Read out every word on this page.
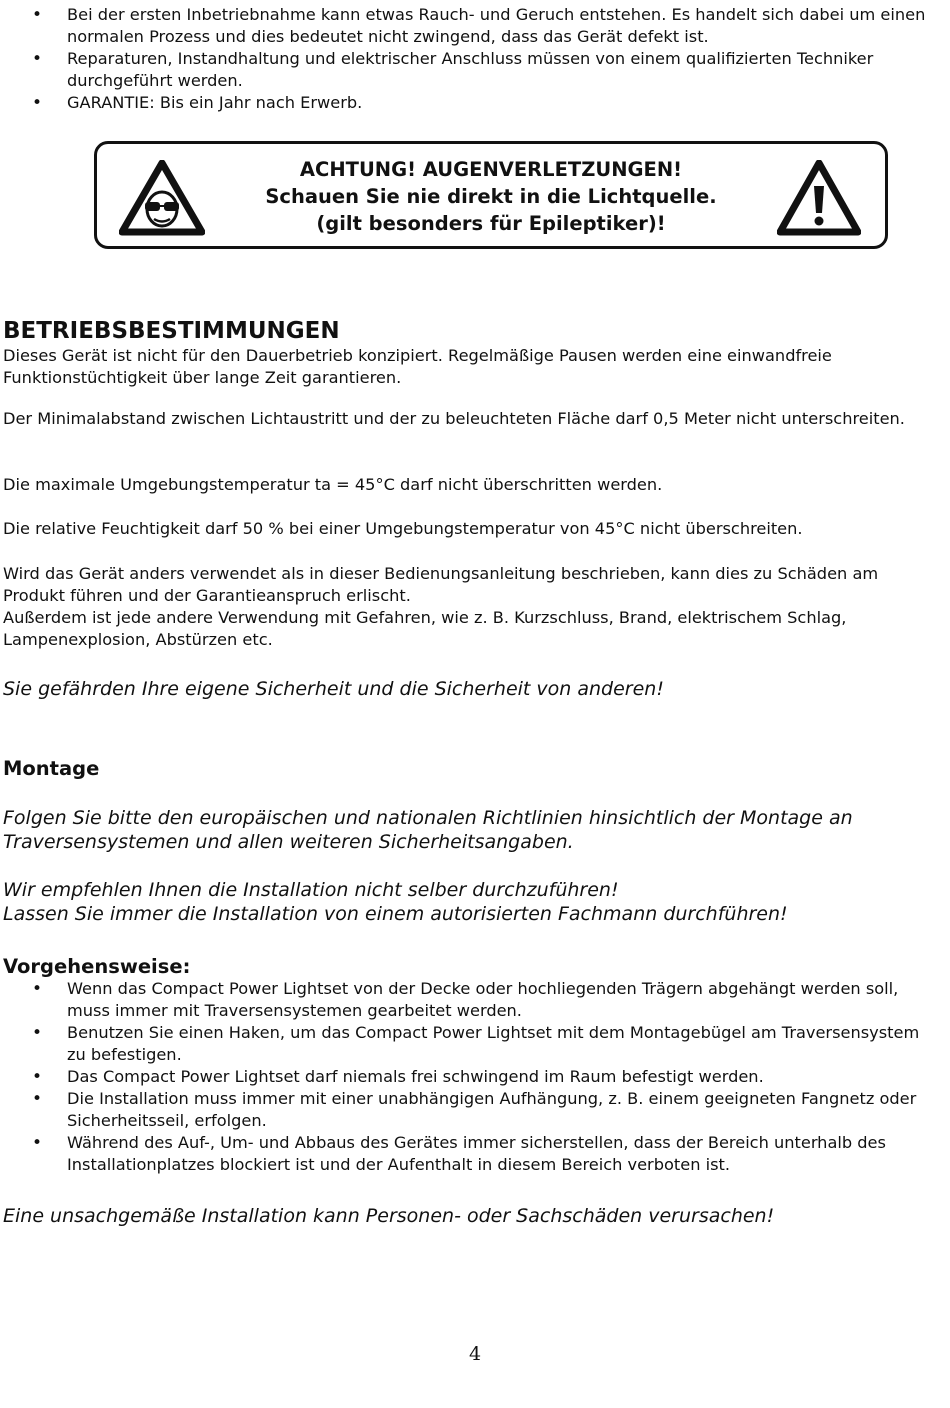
• Bei der ersten Inbetriebnahme kann etwas Rauch- und Geruch entstehen. Es handelt sich dabei um einen normalen Prozess und dies bedeutet nicht zwingend, dass das Gerät defekt ist.
• Reparaturen, Instandhaltung und elektrischer Anschluss müssen von einem qualifizierten Techniker durchgeführt werden.
• GARANTIE: Bis ein Jahr nach Erwerb.
ACHTUNG! AUGENVERLETZUNGEN!
Schauen Sie nie direkt in die Lichtquelle.
(gilt besonders für Epileptiker)!
BETRIEBSBESTIMMUNGEN

Dieses Gerät ist nicht für den Dauerbetrieb konzipiert. Regelmäßige Pausen werden eine einwandfreie Funktionstüchtigkeit über lange Zeit garantieren.

Der Minimalabstand zwischen Lichtaustritt und der zu beleuchteten Fläche darf 0,5 Meter nicht unterschreiten.

Die maximale Umgebungstemperatur ta = 45°C darf nicht überschritten werden.

Die relative Feuchtigkeit darf 50 % bei einer Umgebungstemperatur von 45°C nicht überschreiten.

Wird das Gerät anders verwendet als in dieser Bedienungsanleitung beschrieben, kann dies zu Schäden am Produkt führen und der Garantieanspruch erlischt.

Außerdem ist jede andere Verwendung mit Gefahren, wie z. B. Kurzschluss, Brand, elektrischem Schlag, Lampenexplosion, Abstürzen etc.

Sie gefährden Ihre eigene Sicherheit und die Sicherheit von anderen!

Montage

Folgen Sie bitte den europäischen und nationalen Richtlinien hinsichtlich der Montage an Traversensystemen und allen weiteren Sicherheitsangaben.

Wir empfehlen Ihnen die Installation nicht selber durchzuführen!

Lassen Sie immer die Installation von einem autorisierten Fachmann durchführen!

Vorgehensweise:
• Wenn das Compact Power Lightset von der Decke oder hochliegenden Trägern abgehängt werden soll, muss immer mit Traversensystemen gearbeitet werden.
• Benutzen Sie einen Haken, um das Compact Power Lightset mit dem Montagebügel am Traversensystem zu befestigen.
• Das Compact Power Lightset darf niemals frei schwingend im Raum befestigt werden.
• Die Installation muss immer mit einer unabhängigen Aufhängung, z. B. einem geeigneten Fangnetz oder Sicherheitsseil, erfolgen.
• Während des Auf-, Um- und Abbaus des Gerätes immer sicherstellen, dass der Bereich unterhalb des Installationplatzes blockiert ist und der Aufenthalt in diesem Bereich verboten ist.

Eine unsachgemäße Installation kann Personen- oder Sachschäden verursachen!

4
